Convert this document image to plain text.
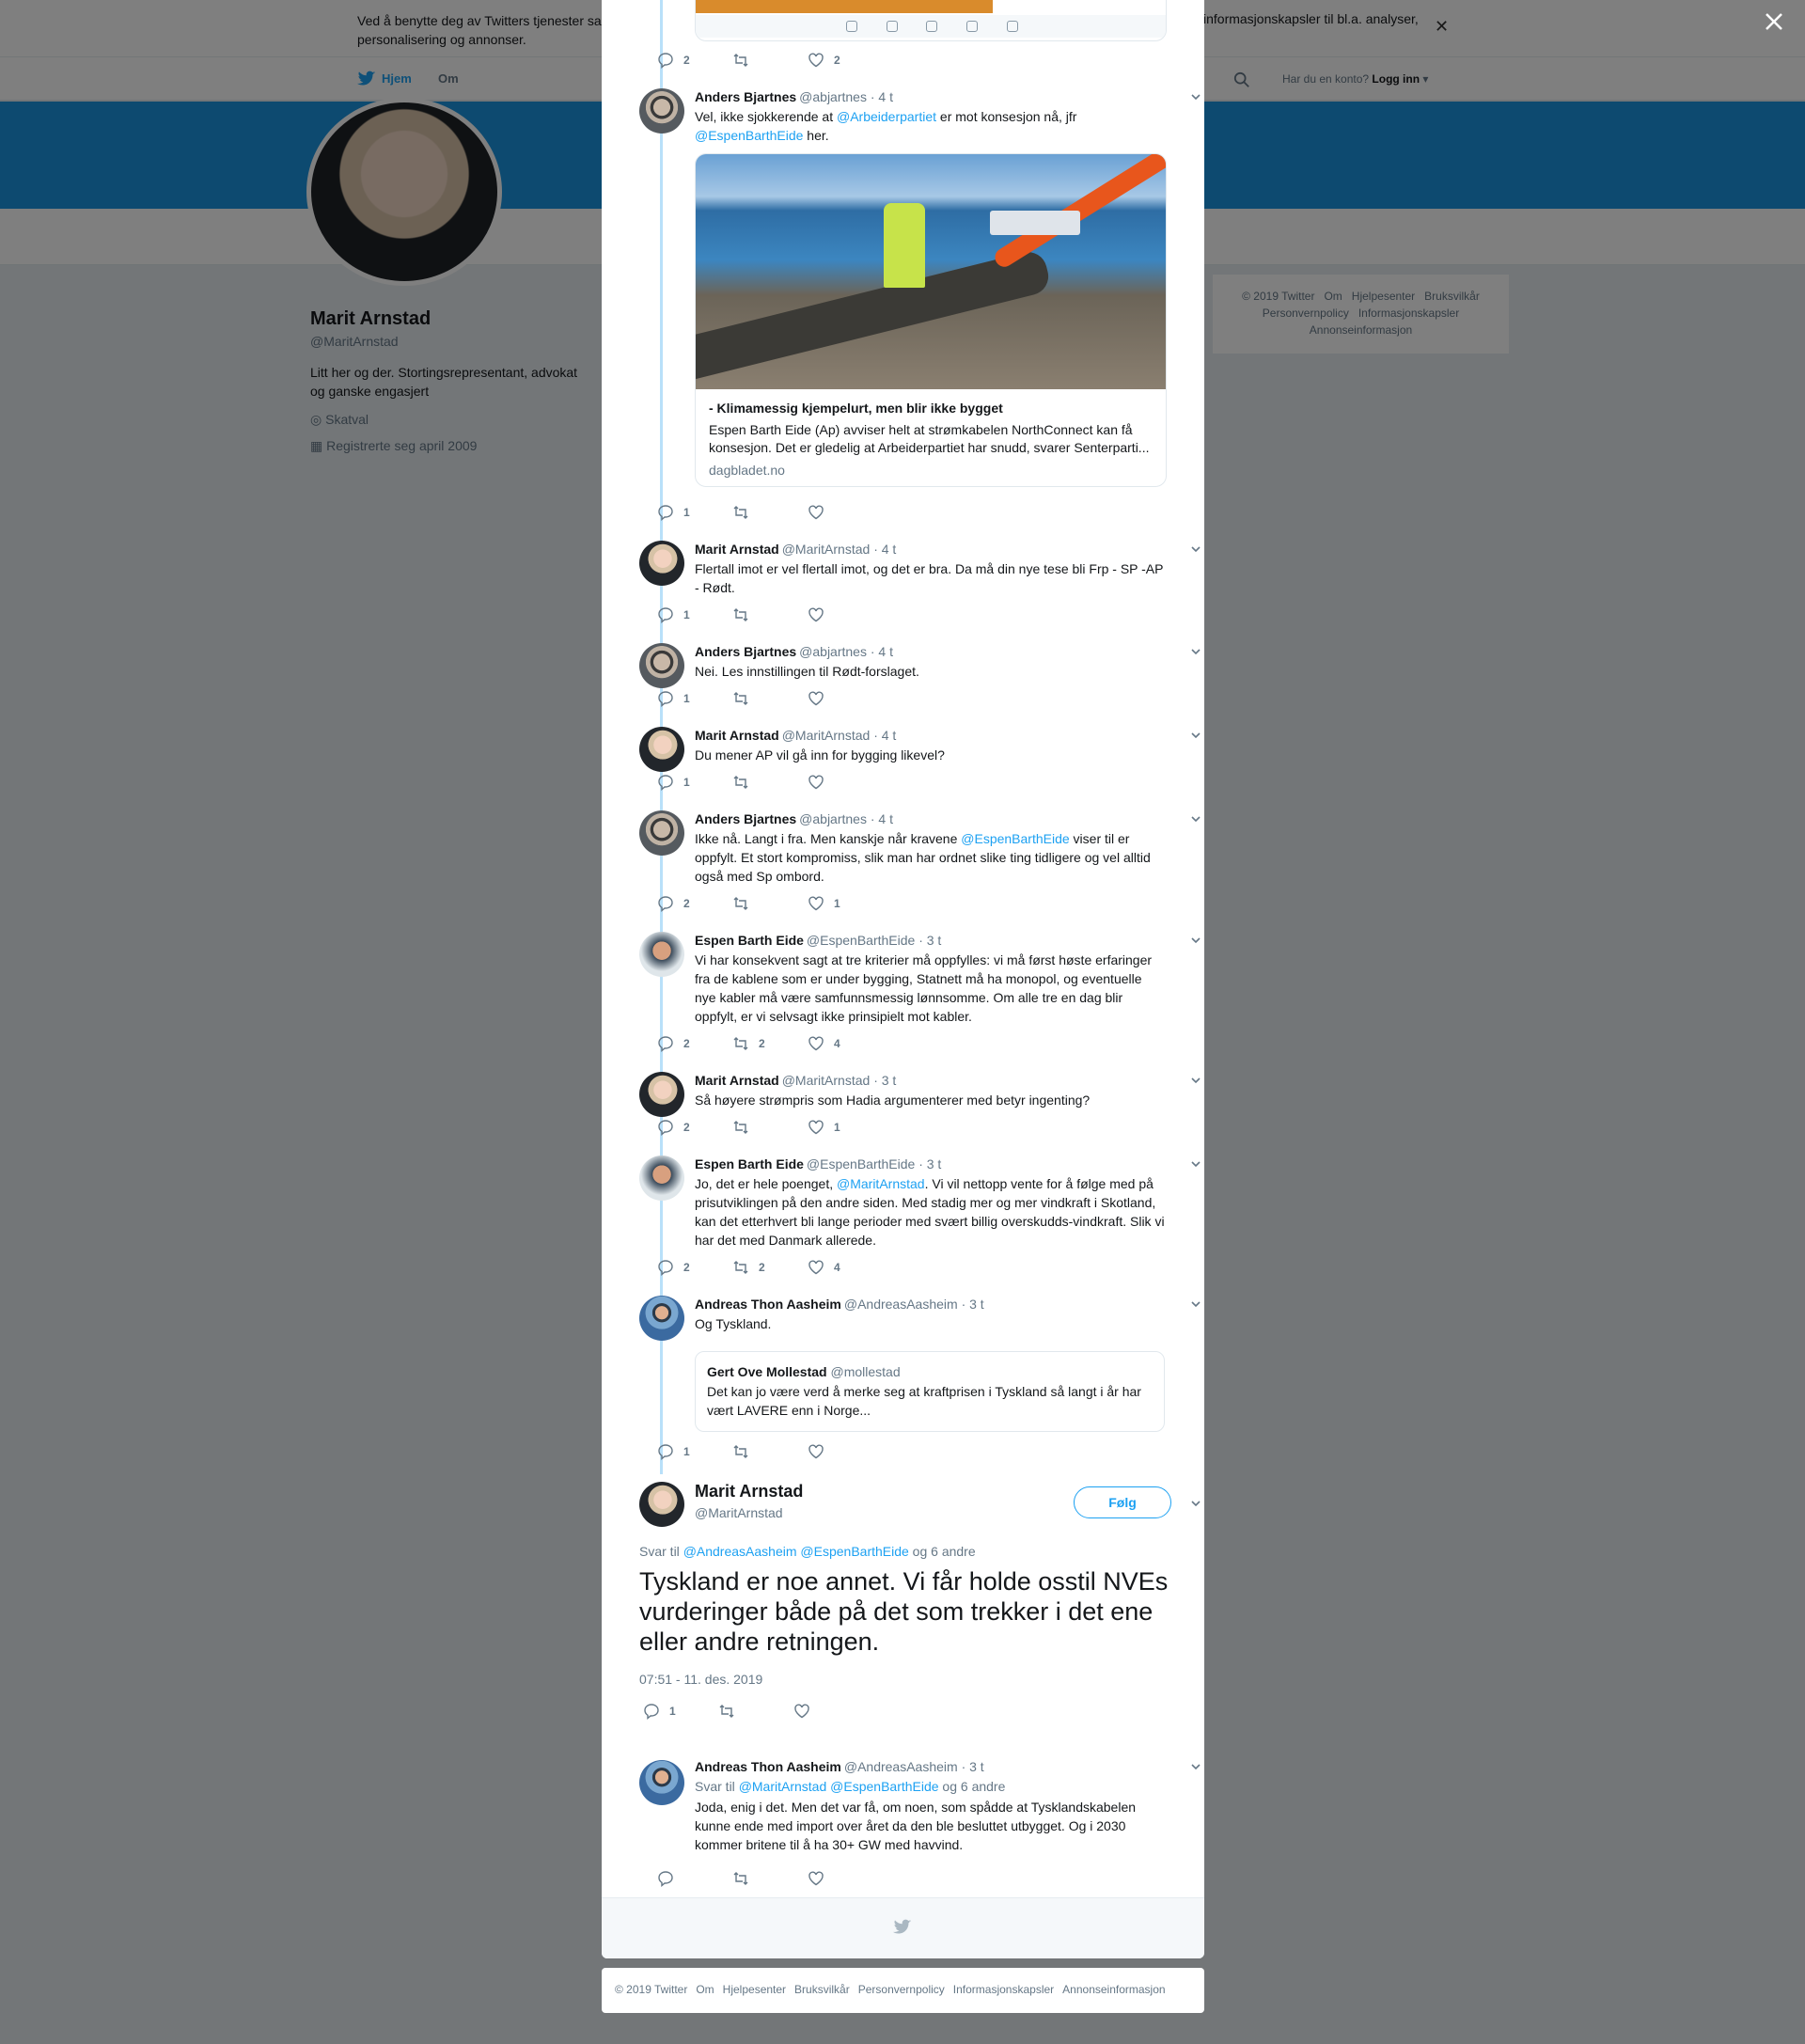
2	2
Anders Bjartnes @abjartnes · 4 t
Vel, ikke sjokkerende at @Arbeiderpartiet er mot konsesjon nå, jfr @EspenBarthEide her.
- Klimamessig kjempelurt, men blir ikke bygget
Espen Barth Eide (Ap) avviser helt at strømkabelen NorthConnect kan få konsesjon. Det er gledelig at Arbeiderpartiet har snudd, svarer Senterparti...
dagbladet.no
1
Marit Arnstad @MaritArnstad · 4 t
Flertall imot er vel flertall imot, og det er bra. Da må din nye tese bli Frp - SP -AP - Rødt.
1
Anders Bjartnes @abjartnes · 4 t
Nei. Les innstillingen til Rødt-forslaget.
1
Marit Arnstad @MaritArnstad · 4 t
Du mener AP vil gå inn for bygging likevel?
1
Anders Bjartnes @abjartnes · 4 t
Ikke nå. Langt i fra. Men kanskje når kravene @EspenBarthEide viser til er oppfylt. Et stort kompromiss, slik man har ordnet slike ting tidligere og vel alltid også med Sp ombord.
2	1
Espen Barth Eide @EspenBarthEide · 3 t
Vi har konsekvent sagt at tre kriterier må oppfylles: vi må først høste erfaringer fra de kablene som er under bygging, Statnett må ha monopol, og eventuelle nye kabler må være samfunnsmessig lønnsomme. Om alle tre en dag blir oppfylt, er vi selvsagt ikke prinsipielt mot kabler.
2	2	4
Marit Arnstad @MaritArnstad · 3 t
Så høyere strømpris som Hadia argumenterer med betyr ingenting?
2	1
Espen Barth Eide @EspenBarthEide · 3 t
Jo, det er hele poenget, @MaritArnstad. Vi vil nettopp vente for å følge med på prisutviklingen på den andre siden. Med stadig mer og mer vindkraft i Skotland, kan det etterhvert bli lange perioder med svært billig overskudds-vindkraft. Slik vi har det med Danmark allerede.
2	2	4
Andreas Thon Aasheim @AndreasAasheim · 3 t
Og Tyskland.
Gert Ove Mollestad @mollestad
Det kan jo være verd å merke seg at kraftprisen i Tyskland så langt i år har vært LAVERE enn i Norge...
1
Marit Arnstad
@MaritArnstad
Følg
Svar til @AndreasAasheim @EspenBarthEide og 6 andre
Tyskland er noe annet. Vi får holde osstil NVEs vurderinger både på det som trekker i det ene eller andre retningen.
07:51 - 11. des. 2019
1
Andreas Thon Aasheim @AndreasAasheim · 3 t
Svar til @MaritArnstad @EspenBarthEide og 6 andre
Joda, enig i det. Men det var få, om noen, som spådde at Tysklandskabelen kunne ende med import over året da den ble besluttet utbygget. Og i 2030 kommer britene til å ha 30+ GW med havvind.
© 2019 Twitter Om Hjelpesenter Bruksvilkår Personvernpolicy Informasjonskapsler Annonseinformasjon
